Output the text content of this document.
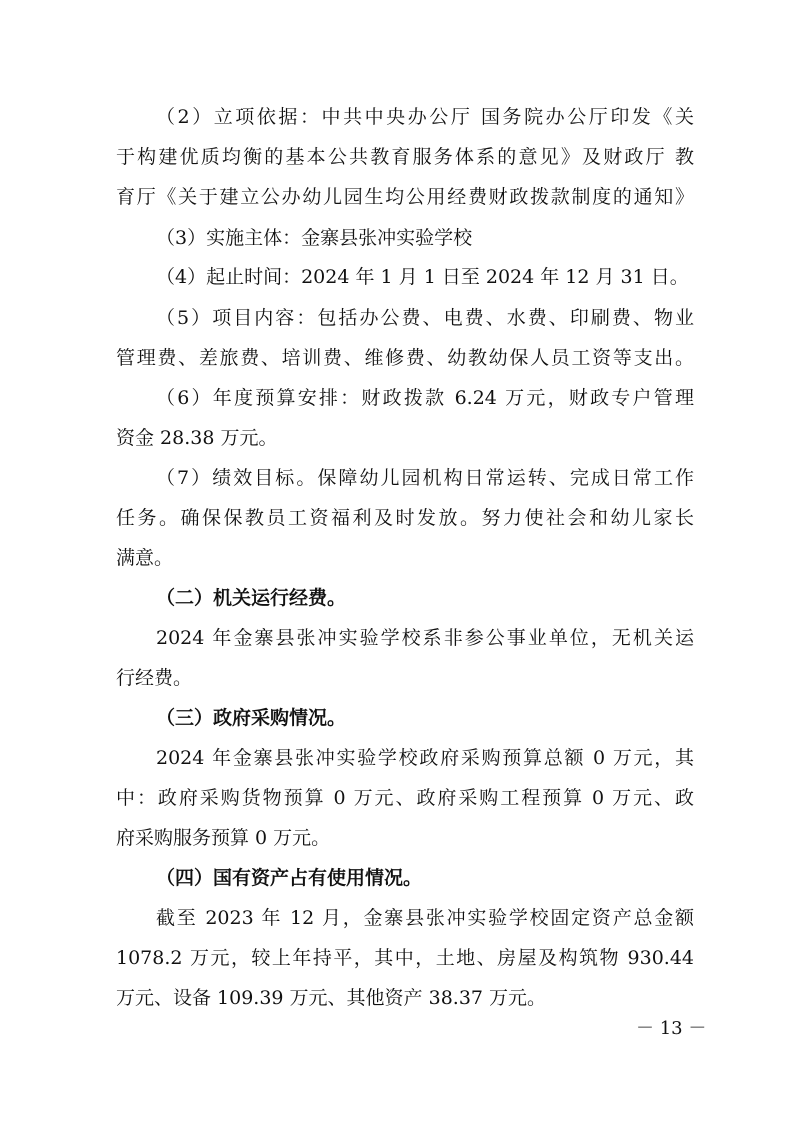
（2）立项依据：中共中央办公厅 国务院办公厅印发《关
于构建优质均衡的基本公共教育服务体系的意见》及财政厅 教
育厅《关于建立公办幼儿园生均公用经费财政拨款制度的通知》
（3）实施主体：金寨县张冲实验学校
（4）起止时间：2024 年 1 月 1 日至 2024 年 12 月 31 日。
（5）项目内容：包括办公费、电费、水费、印刷费、物业
管理费、差旅费、培训费、维修费、幼教幼保人员工资等支出。
（6）年度预算安排：财政拨款 6.24 万元，财政专户管理
资金 28.38 万元。
（7）绩效目标。保障幼儿园机构日常运转、完成日常工作
任务。确保保教员工资福利及时发放。努力使社会和幼儿家长
满意。
（二）机关运行经费。
2024 年金寨县张冲实验学校系非参公事业单位，无机关运
行经费。
（三）政府采购情况。
2024 年金寨县张冲实验学校政府采购预算总额 0 万元，其
中：政府采购货物预算 0 万元、政府采购工程预算 0 万元、政
府采购服务预算 0 万元。
（四）国有资产占有使用情况。
截至 2023 年 12 月，金寨县张冲实验学校固定资产总金额
1078.2 万元，较上年持平，其中，土地、房屋及构筑物 930.44
万元、设备 109.39 万元、其他资产 38.37 万元。
－ 13 －
